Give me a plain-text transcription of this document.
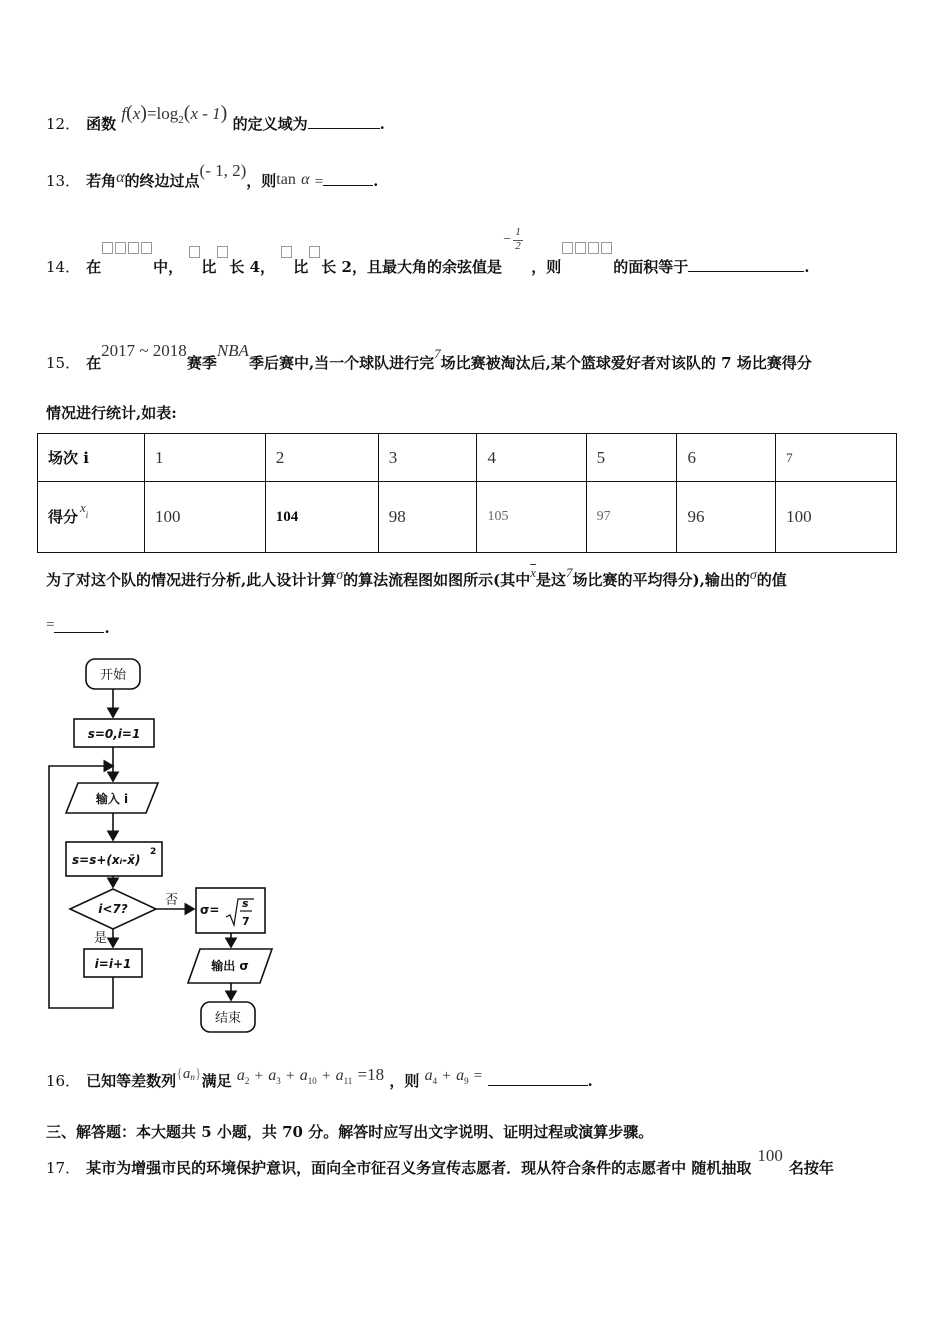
12． 函数 $f(x)=\log_2(x - 1)$ 的定义域为	.
13． 若角α的终边过点(- 1, 2)，则tan α =	.
14． 在	中， 比 长 4， 比 长 2，且最大角的余弦值是
− 1
2
，则	的面积等于	.
15． 在2017 ~ 2018赛季NBA季后赛中,当一个球队进行完7场比赛被淘汰后,某个篮球爱好者对该队的 7 场比赛得分
情况进行统计,如表:
场次 i	1	2	3	4	5	6	7
得分$x_i$	100	104	98	105	97	96	100
为了对这个队的情况进行分析,此人设计计算σ的算法流程图如图所示(其中$\overline{x}$是这7场比赛的平均得分),输出的σ的值
=	.
开始
s=0,i=1
输入 i
s=s+(xᵢ-x̄)
2
i<7?
否
是
i=i+1
σ= s
7
输出 σ
结束
16． 已知等差数列$\{a_n\}$满足 $a_2 + a_3 + a_{10} + a_{11} =18$ ，则 $a_4 + a_9$ =	.
三、解答题：本大题共 5 小题，共 70 分。解答时应写出文字说明、证明过程或演算步骤。
17． 某市为增强市民的环境保护意识，面向全市征召义务宣传志愿者．现从符合条件的志愿者中 随机抽取100名按年
